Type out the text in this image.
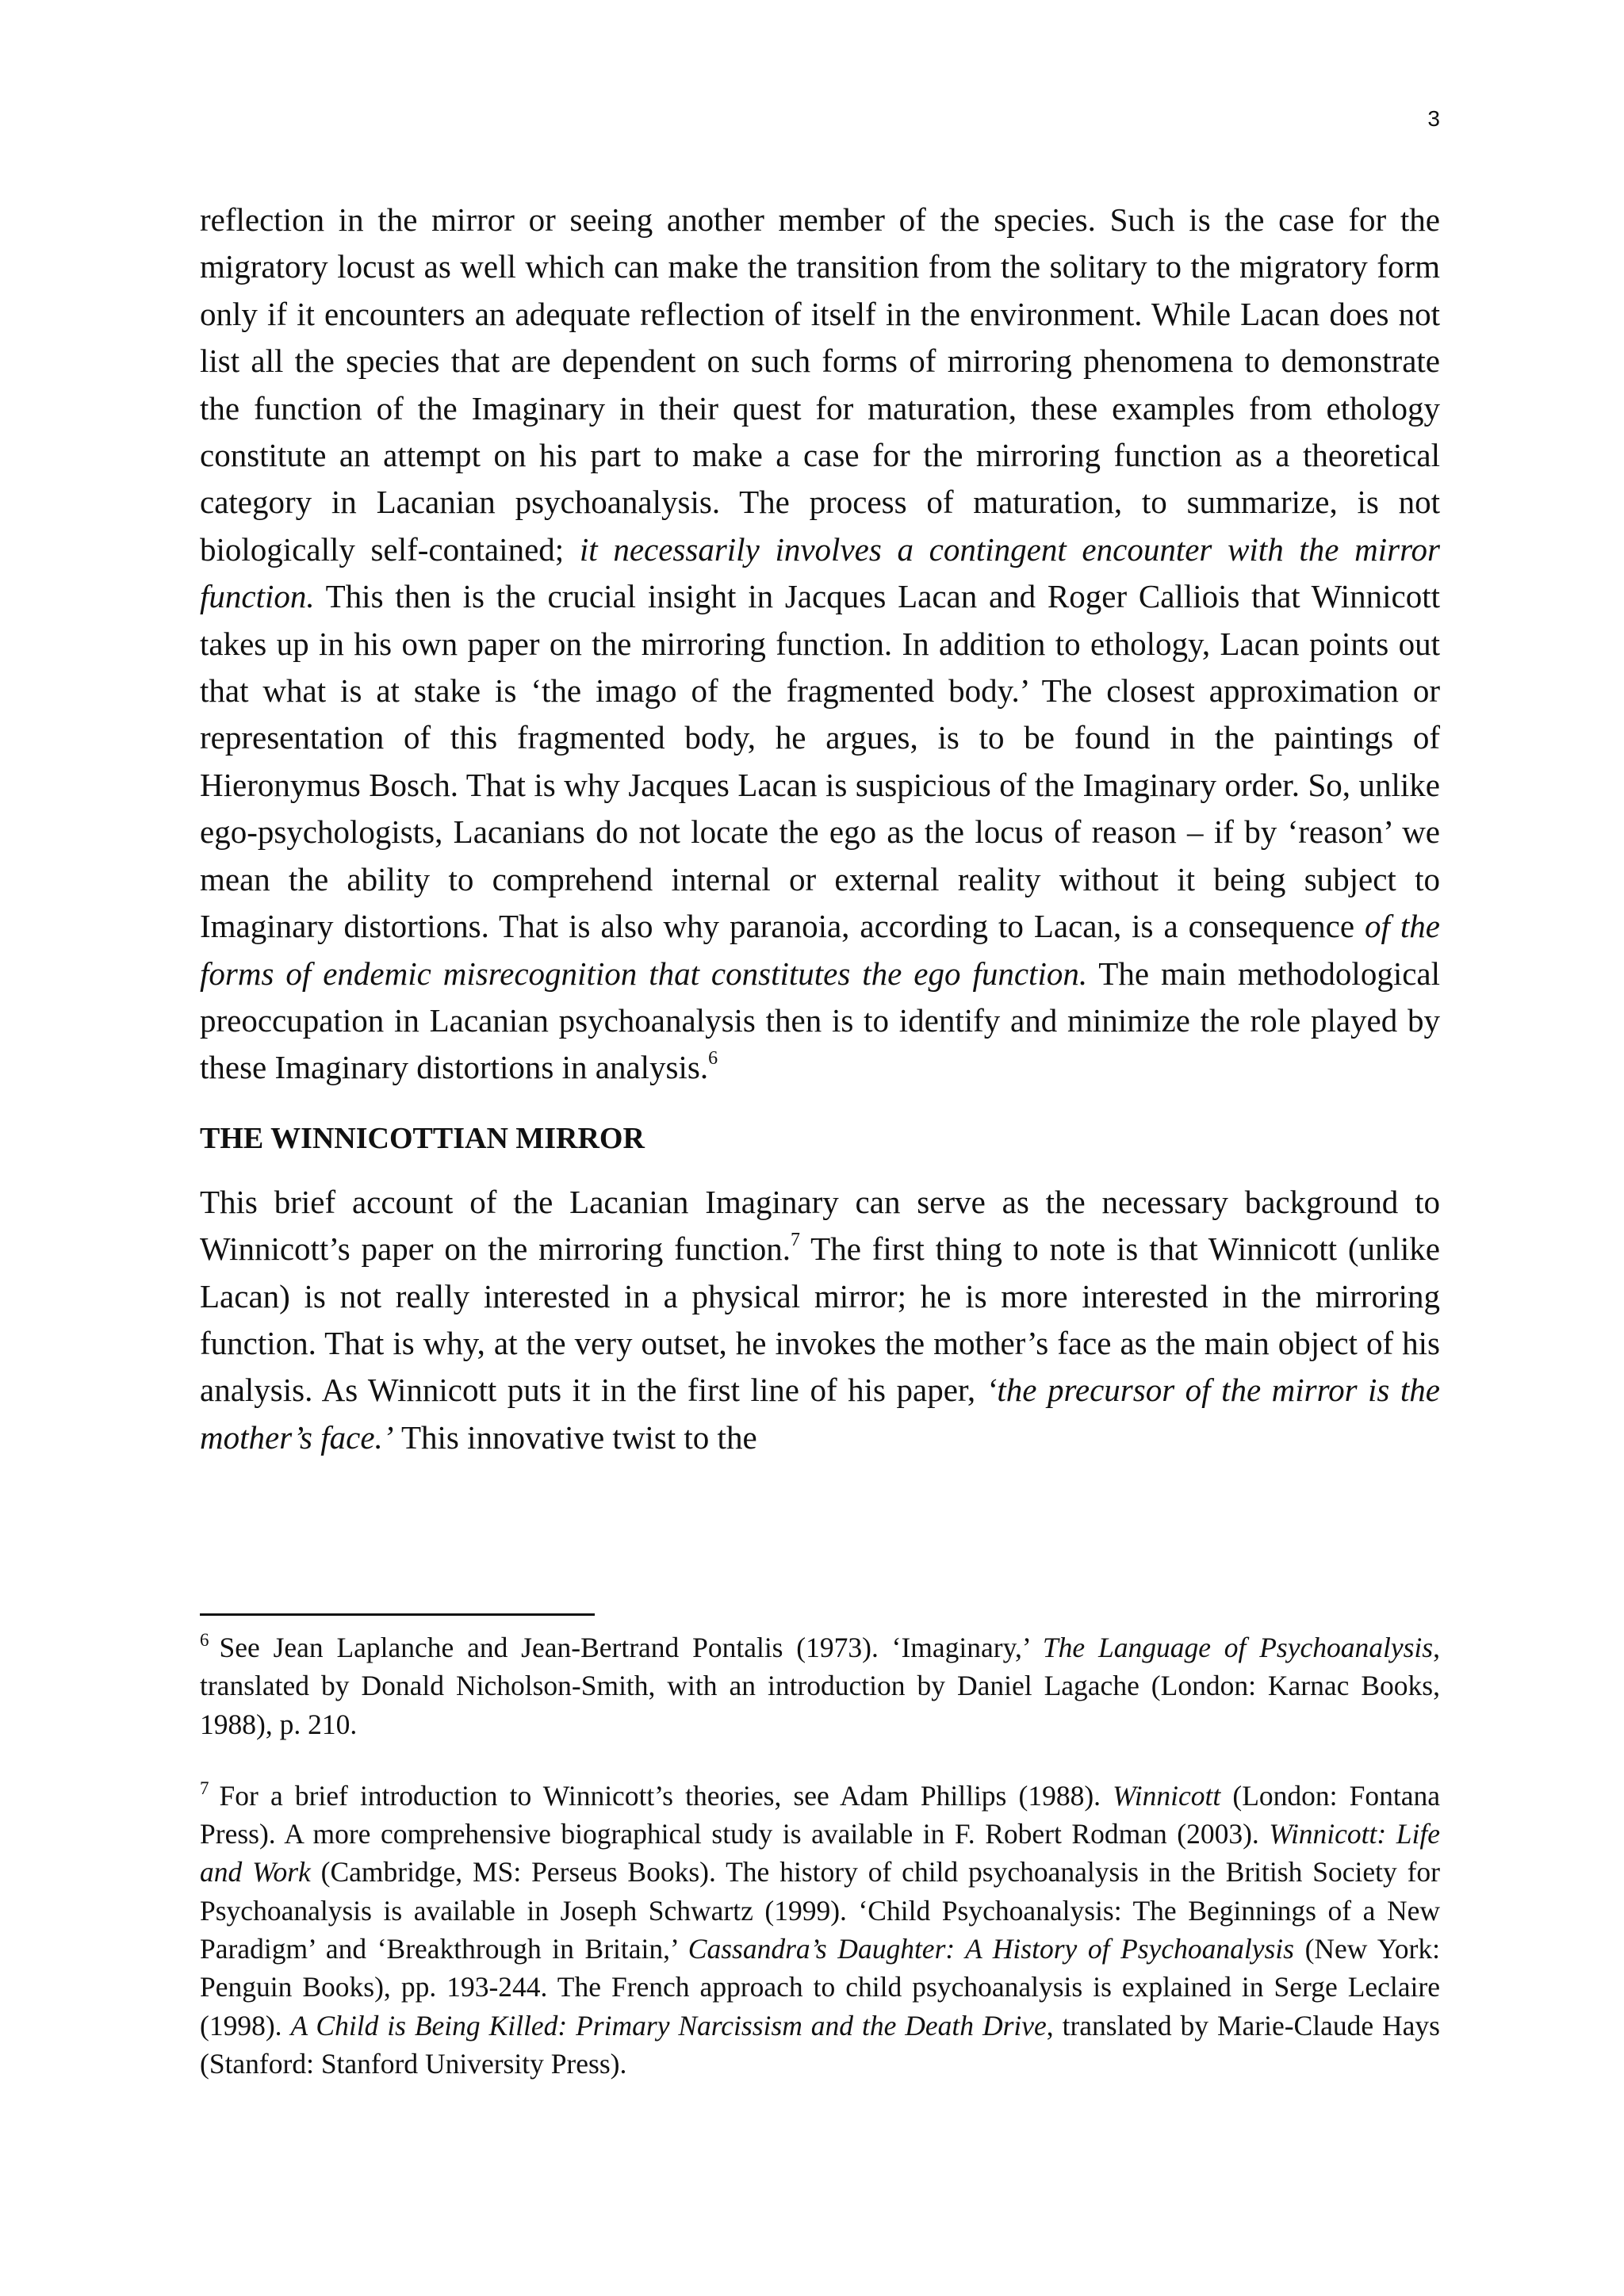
3

reflection in the mirror or seeing another member of the species. Such is the case for the migratory locust as well which can make the transition from the solitary to the migratory form only if it encounters an adequate reflection of itself in the environment. While Lacan does not list all the species that are dependent on such forms of mirroring phenomena to demonstrate the function of the Imaginary in their quest for maturation, these examples from ethology constitute an attempt on his part to make a case for the mirroring function as a theoretical category in Lacanian psychoanalysis. The process of maturation, to summarize, is not biologically self-contained; it necessarily involves a contingent encounter with the mirror function. This then is the crucial insight in Jacques Lacan and Roger Calliois that Winnicott takes up in his own paper on the mirroring function. In addition to ethology, Lacan points out that what is at stake is ‘the imago of the fragmented body.’ The closest approximation or representation of this fragmented body, he argues, is to be found in the paintings of Hieronymus Bosch. That is why Jacques Lacan is suspicious of the Imaginary order. So, unlike ego-psychologists, Lacanians do not locate the ego as the locus of reason – if by ‘reason’ we mean the ability to comprehend internal or external reality without it being subject to Imaginary distortions. That is also why paranoia, according to Lacan, is a consequence of the forms of endemic misrecognition that constitutes the ego function. The main methodological preoccupation in Lacanian psychoanalysis then is to identify and minimize the role played by these Imaginary distortions in analysis.$^6$

THE WINNICOTTIAN MIRROR

This brief account of the Lacanian Imaginary can serve as the necessary background to Winnicott’s paper on the mirroring function.$^7$ The first thing to note is that Winnicott (unlike Lacan) is not really interested in a physical mirror; he is more interested in the mirroring function. That is why, at the very outset, he invokes the mother’s face as the main object of his analysis. As Winnicott puts it in the first line of his paper, ‘the precursor of the mirror is the mother’s face.’ This innovative twist to the

$^6$ See Jean Laplanche and Jean-Bertrand Pontalis (1973). ‘Imaginary,’ The Language of Psychoanalysis, translated by Donald Nicholson-Smith, with an introduction by Daniel Lagache (London: Karnac Books, 1988), p. 210.

$^7$ For a brief introduction to Winnicott’s theories, see Adam Phillips (1988). Winnicott (London: Fontana Press). A more comprehensive biographical study is available in F. Robert Rodman (2003). Winnicott: Life and Work (Cambridge, MS: Perseus Books). The history of child psychoanalysis in the British Society for Psychoanalysis is available in Joseph Schwartz (1999). ‘Child Psychoanalysis: The Beginnings of a New Paradigm’ and ‘Breakthrough in Britain,’ Cassandra’s Daughter: A History of Psychoanalysis (New York: Penguin Books), pp. 193-244. The French approach to child psychoanalysis is explained in Serge Leclaire (1998). A Child is Being Killed: Primary Narcissism and the Death Drive, translated by Marie-Claude Hays (Stanford: Stanford University Press).
